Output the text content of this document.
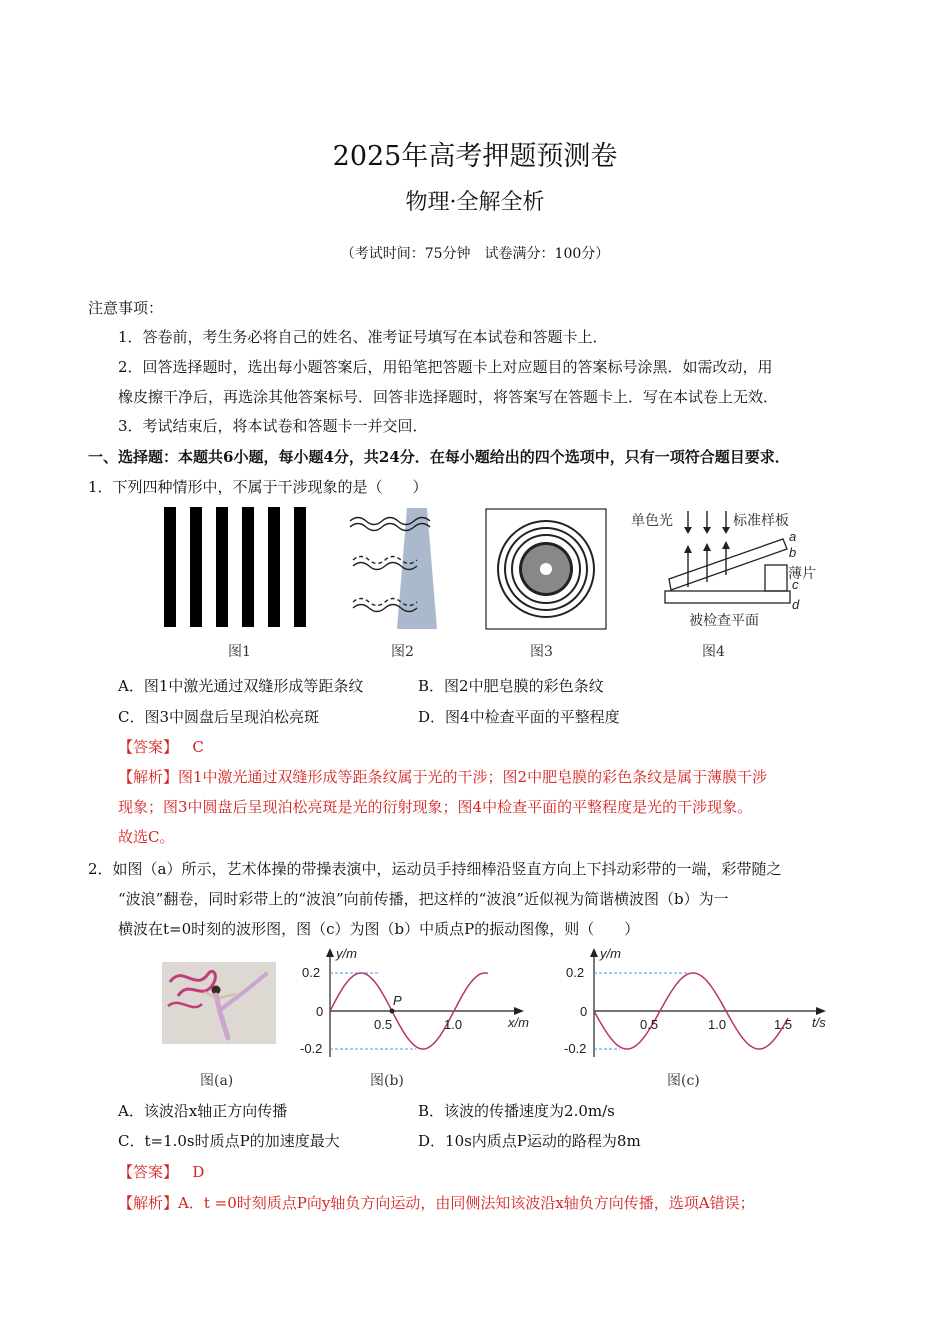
2025年高考押题预测卷
物理·全解全析
（考试时间：75分钟　试卷满分：100分）
注意事项：
1．答卷前，考生务必将自己的姓名、准考证号填写在本试卷和答题卡上．
2．回答选择题时，选出每小题答案后，用铅笔把答题卡上对应题目的答案标号涂黑．如需改动，用
橡皮擦干净后，再选涂其他答案标号．回答非选择题时，将答案写在答题卡上．写在本试卷上无效．
3．考试结束后，将本试卷和答题卡一并交回．
一、选择题：本题共6小题，每小题4分，共24分．在每小题给出的四个选项中，只有一项符合题目要求．
1．下列四种情形中，不属于干涉现象的是（　　）
图1	图2	图3
单色光	标准样板
a
b
c
d
薄片
被检查平面
图4
A．图1中激光通过双缝形成等距条纹	B．图2中肥皂膜的彩色条纹
C．图3中圆盘后呈现泊松亮斑	D．图4中检查平面的平整程度
【答案】 C
【解析】图1中激光通过双缝形成等距条纹属于光的干涉；图2中肥皂膜的彩色条纹是属于薄膜干涉
现象；图3中圆盘后呈现泊松亮斑是光的衍射现象；图4中检查平面的平整程度是光的干涉现象。
故选C。
2．如图（a）所示，艺术体操的带操表演中，运动员手持细棒沿竖直方向上下抖动彩带的一端，彩带随之
“波浪”翻卷，同时彩带上的“波浪”向前传播，把这样的“波浪”近似视为简谐横波图（b）为一
横波在t=0时刻的波形图，图（c）为图（b）中质点P的振动图像，则（　　）
图(a)
y/m
x/m
0.2
0
-0.2
0.5	1.0
P
图(b)
y/m
t/s
0.2
0
-0.2
0.5	1.0	1.5
图(c)
A．该波沿x轴正方向传播	B．该波的传播速度为2.0m/s
C．t=1.0s时质点P的加速度最大	D．10s内质点P运动的路程为8m
【答案】 D
【解析】A．t =0时刻质点P向y轴负方向运动，由同侧法知该波沿x轴负方向传播，选项A错误；
